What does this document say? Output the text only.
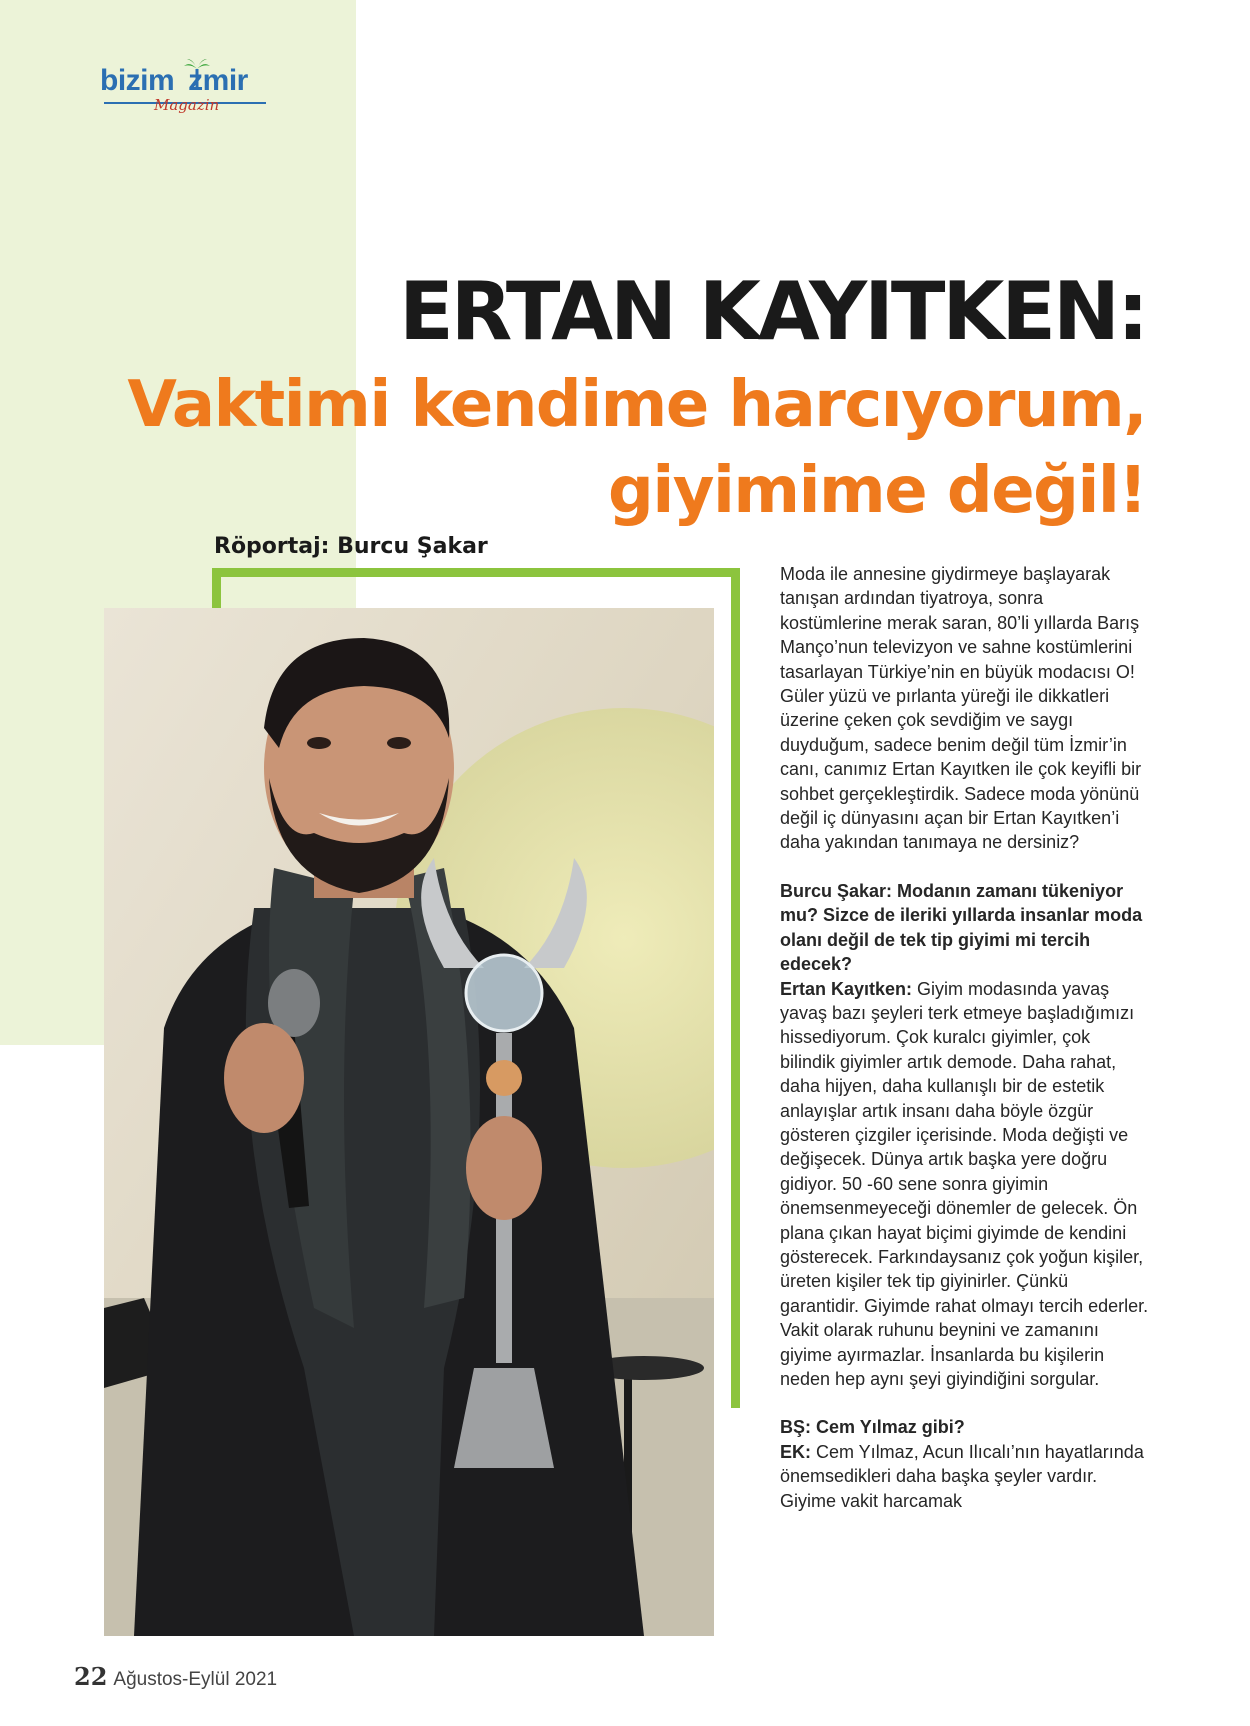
bizim zmir
Magazin
ERTAN KAYITKEN:
Vaktimi kendime harcıyorum, giyimime değil!
Röportaj: Burcu Şakar

Moda ile annesine giydirmeye başlayarak tanışan ardından tiyatroya, sonra kostümlerine merak saran, 80’li yıllarda Barış Manço’nun televizyon ve sahne kostümlerini tasarlayan Türkiye’nin en büyük modacısı O!
Güler yüzü ve pırlanta yüreği ile dikkatleri üzerine çeken çok sevdiğim ve saygı duyduğum, sadece benim değil tüm İzmir’in canı, canımız Ertan Kayıtken ile çok keyifli bir sohbet gerçekleştirdik. Sadece moda yönünü değil iç dünyasını açan bir Ertan Kayıtken’i daha yakından tanımaya ne dersiniz?

Burcu Şakar: Modanın zamanı tükeniyor mu? Sizce de ileriki yıllarda insanlar moda olanı değil de tek tip giyimi mi tercih edecek?
Ertan Kayıtken: Giyim modasında yavaş yavaş bazı şeyleri terk etmeye başladığımızı hissediyorum. Çok kuralcı giyimler, çok bilindik giyimler artık demode. Daha rahat, daha hijyen, daha kullanışlı bir de estetik anlayışlar artık insanı daha böyle özgür gösteren çizgiler içerisinde. Moda değişti ve değişecek. Dünya artık başka yere doğru gidiyor. 50 -60 sene sonra giyimin önemsenmeyeceği dönemler de gelecek. Ön plana çıkan hayat biçimi giyimde de kendini gösterecek. Farkındaysanız çok yoğun kişiler, üreten kişiler tek tip giyinirler. Çünkü garantidir. Giyimde rahat olmayı tercih ederler. Vakit olarak ruhunu beynini ve zamanını giyime ayırmazlar. İnsanlarda bu kişilerin neden hep aynı şeyi giyindiğini sorgular.

BŞ: Cem Yılmaz gibi?
EK: Cem Yılmaz, Acun Ilıcalı’nın hayatlarında önemsedikleri daha başka şeyler vardır. Giyime vakit harcamak

22 Ağustos-Eylül 2021
